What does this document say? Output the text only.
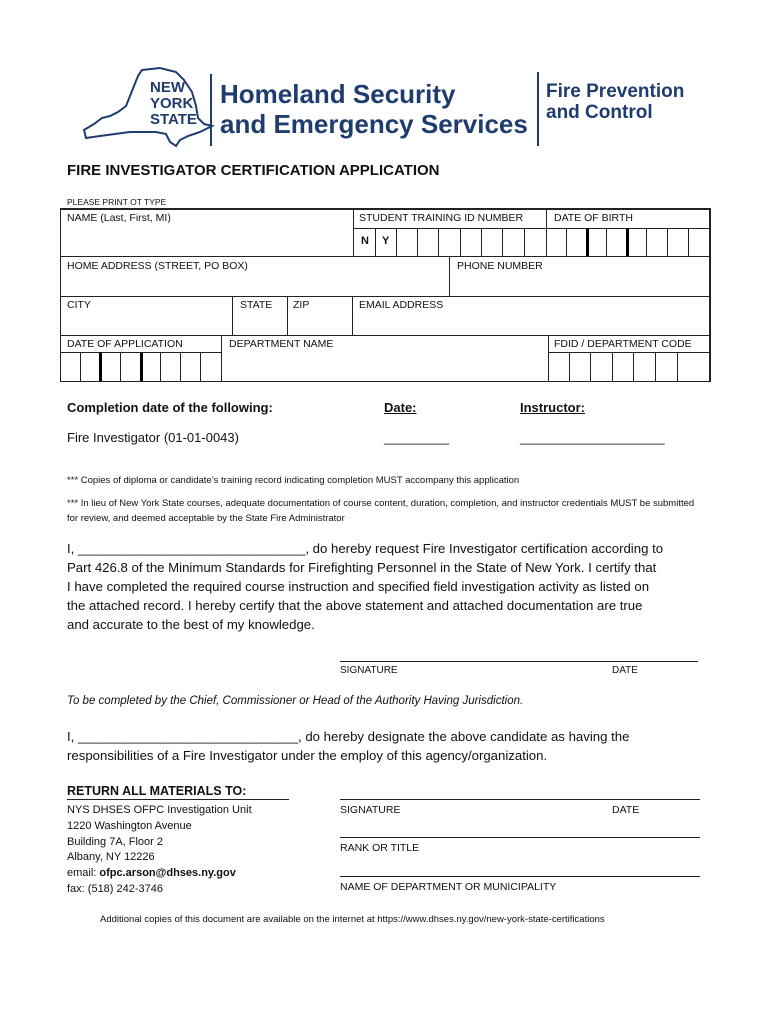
NEW
YORK
STATE
Homeland Security
and Emergency Services
Fire Prevention
and Control
FIRE INVESTIGATOR CERTIFICATION APPLICATION
PLEASE PRINT OT TYPE
NAME (Last, First, MI)	STUDENT TRAINING ID NUMBER	DATE OF BIRTH
N Y
HOME ADDRESS (STREET, PO BOX)	PHONE NUMBER
CITY	STATE ZIP	EMAIL ADDRESS
DATE OF APPLICATION	DEPARTMENT NAME	FDID / DEPARTMENT CODE
Completion date of the following:	Date:	Instructor:
Fire Investigator (01-01-0043)	_________	____________________
*** Copies of diploma or candidate’s training record indicating completion MUST accompany this application
*** In lieu of New York State courses, adequate documentation of course content, duration, completion, and instructor credentials MUST be submitted for review, and deemed acceptable by the State Fire Administrator
I, _______________________________, do hereby request Fire Investigator certification according to
Part 426.8 of the Minimum Standards for Firefighting Personnel in the State of New York. I certify that
I have completed the required course instruction and specified field investigation activity as listed on
the attached record. I hereby certify that the above statement and attached documentation are true
and accurate to the best of my knowledge.
SIGNATURE	DATE
To be completed by the Chief, Commissioner or Head of the Authority Having Jurisdiction.
I, ______________________________, do hereby designate the above candidate as having the
responsibilities of a Fire Investigator under the employ of this agency/organization.
RETURN ALL MATERIALS TO:
NYS DHSES OFPC Investigation Unit
1220 Washington Avenue
Building 7A, Floor 2
Albany, NY 12226
email: ofpc.arson@dhses.ny.gov
fax: (518) 242-3746
SIGNATURE	DATE
RANK OR TITLE
NAME OF DEPARTMENT OR MUNICIPALITY
Additional copies of this document are available on the internet at https://www.dhses.ny.gov/new-york-state-certifications
